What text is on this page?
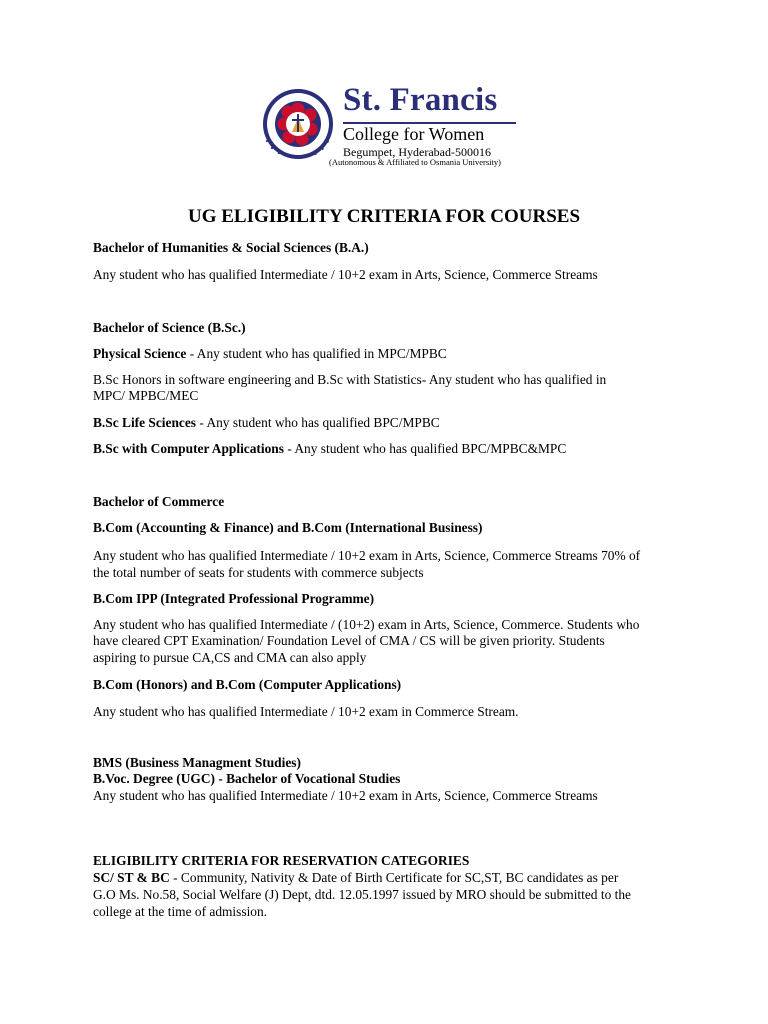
St. Francis
College for Women
Begumpet, Hyderabad-500016
(Autonomous & Affiliated to Osmania University)
UG ELIGIBILITY CRITERIA FOR COURSES
Bachelor of Humanities & Social Sciences (B.A.)
Any student who has qualified Intermediate / 10+2 exam in Arts, Science, Commerce Streams
Bachelor of Science (B.Sc.)
Physical Science - Any student who has qualified in MPC/MPBC
B.Sc Honors in software engineering and B.Sc with Statistics- Any student who has qualified in
MPC/ MPBC/MEC
B.Sc Life Sciences - Any student who has qualified BPC/MPBC
B.Sc with Computer Applications - Any student who has qualified BPC/MPBC&MPC
Bachelor of Commerce
B.Com (Accounting & Finance) and B.Com (International Business)
Any student who has qualified Intermediate / 10+2 exam in Arts, Science, Commerce Streams 70% of
the total number of seats for students with commerce subjects
B.Com IPP (Integrated Professional Programme)
Any student who has qualified Intermediate / (10+2) exam in Arts, Science, Commerce. Students who
have cleared CPT Examination/ Foundation Level of CMA / CS will be given priority. Students
aspiring to pursue CA,CS and CMA can also apply
B.Com (Honors) and B.Com (Computer Applications)
Any student who has qualified Intermediate / 10+2 exam in Commerce Stream.
BMS (Business Managment Studies)
B.Voc. Degree (UGC) - Bachelor of Vocational Studies
Any student who has qualified Intermediate / 10+2 exam in Arts, Science, Commerce Streams
ELIGIBILITY CRITERIA FOR RESERVATION CATEGORIES
SC/ ST & BC - Community, Nativity & Date of Birth Certificate for SC,ST, BC candidates as per
G.O Ms. No.58, Social Welfare (J) Dept, dtd. 12.05.1997 issued by MRO should be submitted to the
college at the time of admission.
